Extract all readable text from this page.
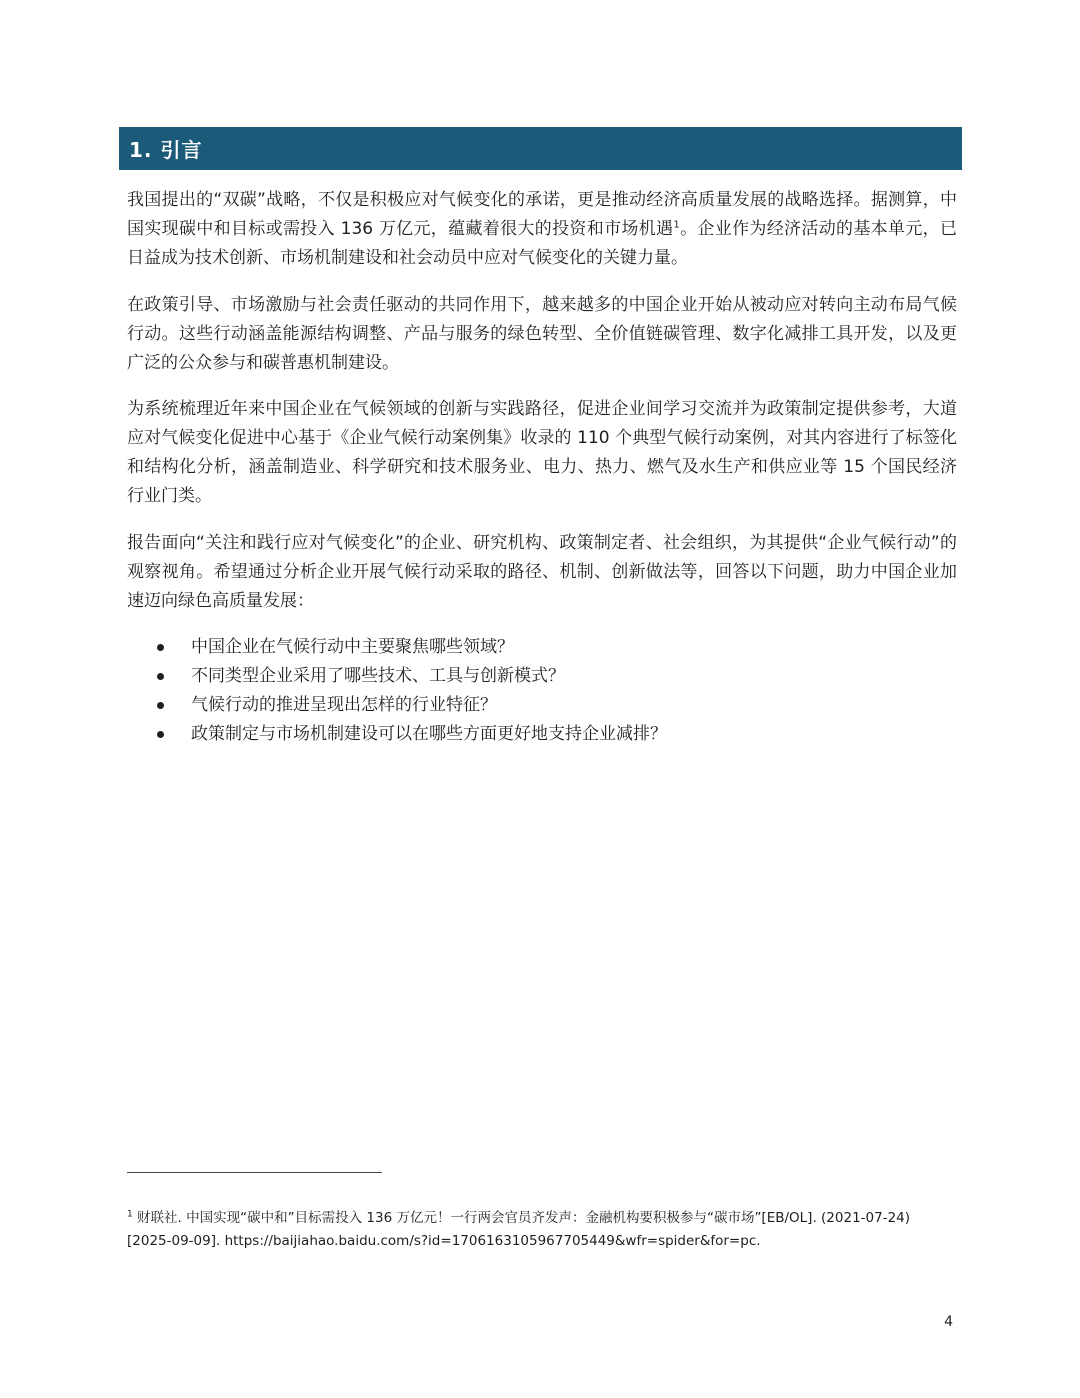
1. 引言

我国提出的“双碳”战略，不仅是积极应对气候变化的承诺，更是推动经济高质量发展的战略选择。据测算，中国实现碳中和目标或需投入 136 万亿元，蕴藏着很大的投资和市场机遇$^1$。企业作为经济活动的基本单元，已日益成为技术创新、市场机制建设和社会动员中应对气候变化的关键力量。

在政策引导、市场激励与社会责任驱动的共同作用下，越来越多的中国企业开始从被动应对转向主动布局气候行动。这些行动涵盖能源结构调整、产品与服务的绿色转型、全价值链碳管理、数字化减排工具开发，以及更广泛的公众参与和碳普惠机制建设。

为系统梳理近年来中国企业在气候领域的创新与实践路径，促进企业间学习交流并为政策制定提供参考，大道应对气候变化促进中心基于《企业气候行动案例集》收录的 110 个典型气候行动案例，对其内容进行了标签化和结构化分析，涵盖制造业、科学研究和技术服务业、电力、热力、燃气及水生产和供应业等 15 个国民经济行业门类。

报告面向“关注和践行应对气候变化”的企业、研究机构、政策制定者、社会组织，为其提供“企业气候行动”的观察视角。希望通过分析企业开展气候行动采取的路径、机制、创新做法等，回答以下问题，助力中国企业加速迈向绿色高质量发展：

中国企业在气候行动中主要聚焦哪些领域？
不同类型企业采用了哪些技术、工具与创新模式？
气候行动的推进呈现出怎样的行业特征？
政策制定与市场机制建设可以在哪些方面更好地支持企业减排？

$^1$ 财联社. 中国实现“碳中和”目标需投入 136 万亿元！一行两会官员齐发声：金融机构要积极参与“碳市场”[EB/OL]. (2021-07-24) [2025-09-09]. https://baijiahao.baidu.com/s?id=1706163105967705449&wfr=spider&for=pc.

4
